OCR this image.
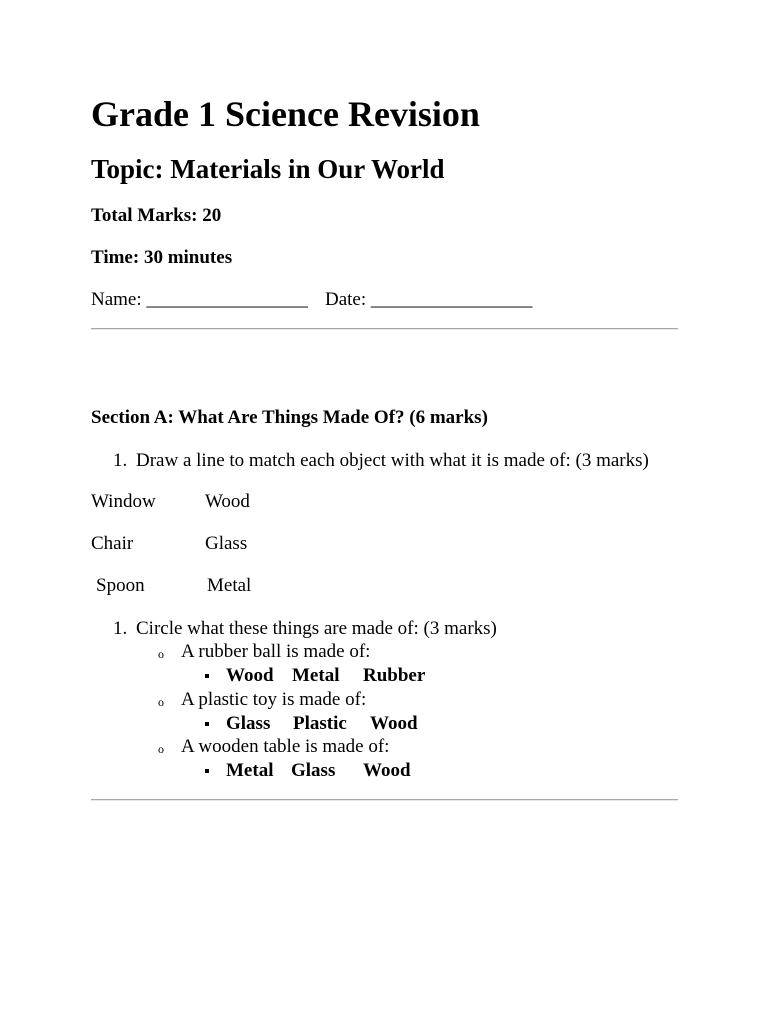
Grade 1 Science Revision
Topic: Materials in Our World
Total Marks: 20
Time: 30 minutes
Name: _________________ Date: _________________
Section A: What Are Things Made Of? (6 marks)
1. Draw a line to match each object with what it is made of: (3 marks)
Window	Wood
Chair	Glass
Spoon	Metal
1. Circle what these things are made of: (3 marks)
o A rubber ball is made of:
Wood Metal Rubber
o A plastic toy is made of:
Glass Plastic Wood
o A wooden table is made of:
Metal Glass Wood
